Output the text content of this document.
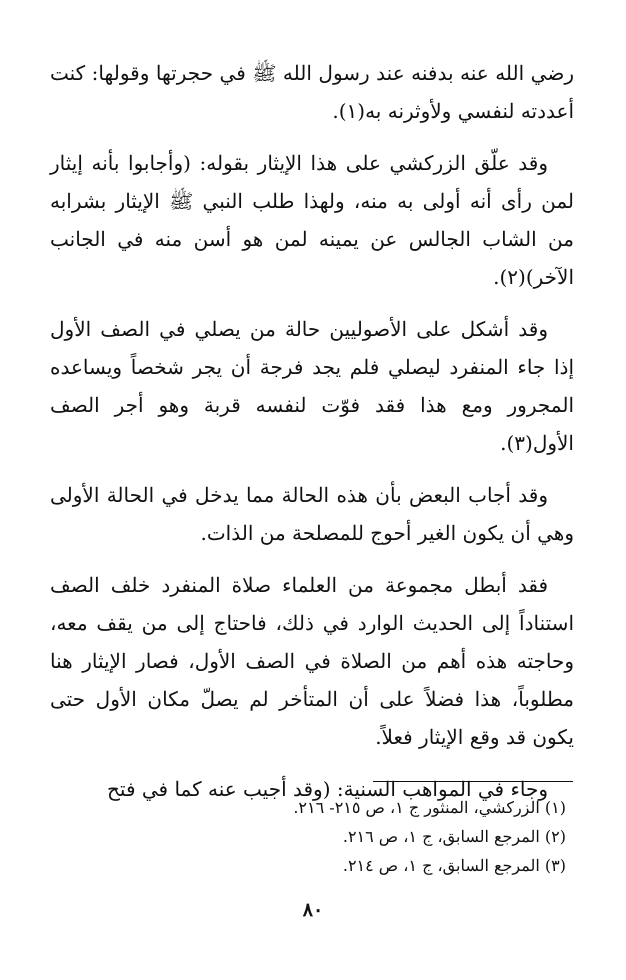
رضي الله عنه بدفنه عند رسول الله ﷺ في حجرتها وقولها: كنت أعددته لنفسي ولأوثرنه به(١).

وقد علّق الزركشي على هذا الإيثار بقوله: (وأجابوا بأنه إيثار لمن رأى أنه أولى به منه، ولهذا طلب النبي ﷺ الإيثار بشرابه من الشاب الجالس عن يمينه لمن هو أسن منه في الجانب الآخر)(٢).

وقد أشكل على الأصوليين حالة من يصلي في الصف الأول إذا جاء المنفرد ليصلي فلم يجد فرجة أن يجر شخصاً ويساعده المجرور ومع هذا فقد فوّت لنفسه قربة وهو أجر الصف الأول(٣).

وقد أجاب البعض بأن هذه الحالة مما يدخل في الحالة الأولى وهي أن يكون الغير أحوج للمصلحة من الذات.

فقد أبطل مجموعة من العلماء صلاة المنفرد خلف الصف استناداً إلى الحديث الوارد في ذلك، فاحتاج إلى من يقف معه، وحاجته هذه أهم من الصلاة في الصف الأول، فصار الإيثار هنا مطلوباً، هذا فضلاً على أن المتأخر لم يصلّ مكان الأول حتى يكون قد وقع الإيثار فعلاً.

وجاء في المواهب السنية: (وقد أجيب عنه كما في فتح

(١) الزركشي، المنثور ج ١، ص ٢١٥- ٢١٦.
(٢) المرجع السابق، ج ١، ص ٢١٦.
(٣) المرجع السابق، ج ١، ص ٢١٤.
٨٠
